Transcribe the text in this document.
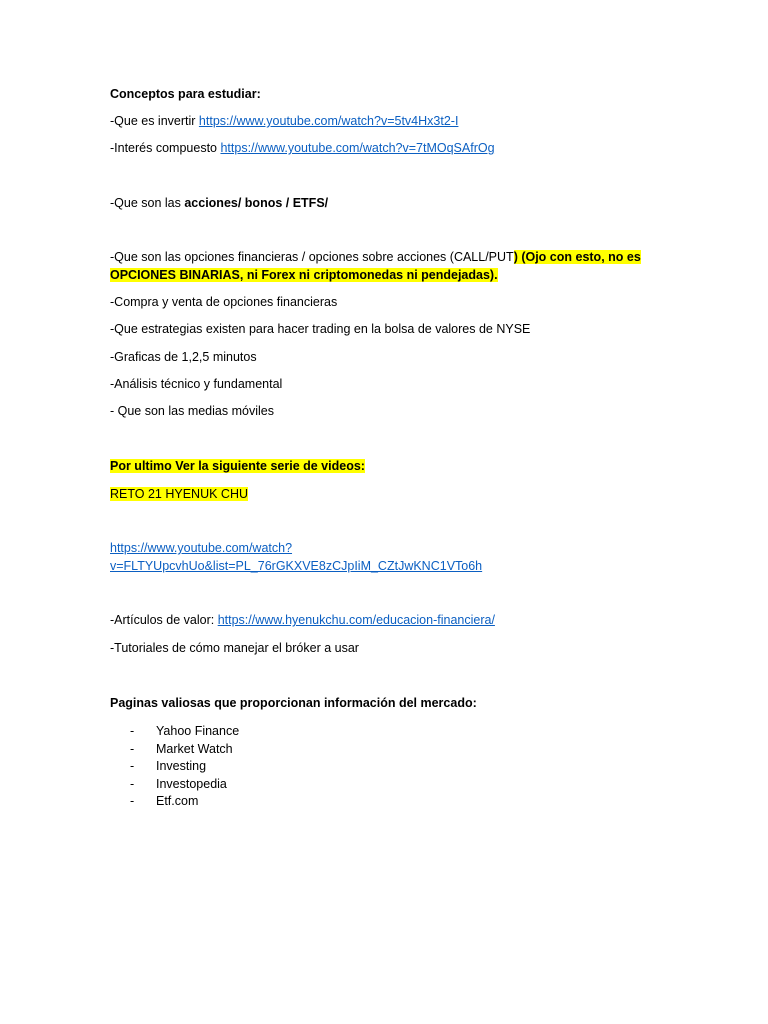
Conceptos para estudiar:
-Que es invertir https://www.youtube.com/watch?v=5tv4Hx3t2-I
-Interés compuesto https://www.youtube.com/watch?v=7tMOqSAfrOg
-Que son las acciones/ bonos / ETFS/
-Que son las opciones financieras / opciones sobre acciones (CALL/PUT) (Ojo con esto, no es
OPCIONES BINARIAS, ni Forex ni criptomonedas ni pendejadas).
-Compra y venta de opciones financieras
-Que estrategias existen para hacer trading en la bolsa de valores de NYSE
-Graficas de 1,2,5 minutos
-Análisis técnico y fundamental
- Que son las medias móviles
Por ultimo Ver la siguiente serie de videos:
RETO 21 HYENUK CHU
https://www.youtube.com/watch?
v=FLTYUpcvhUo&list=PL_76rGKXVE8zCJpIiM_CZtJwKNC1VTo6h
-Artículos de valor: https://www.hyenukchu.com/educacion-financiera/
-Tutoriales de cómo manejar el bróker a usar
Paginas valiosas que proporcionan información del mercado:
- Yahoo Finance
- Market Watch
- Investing
- Investopedia
- Etf.com
